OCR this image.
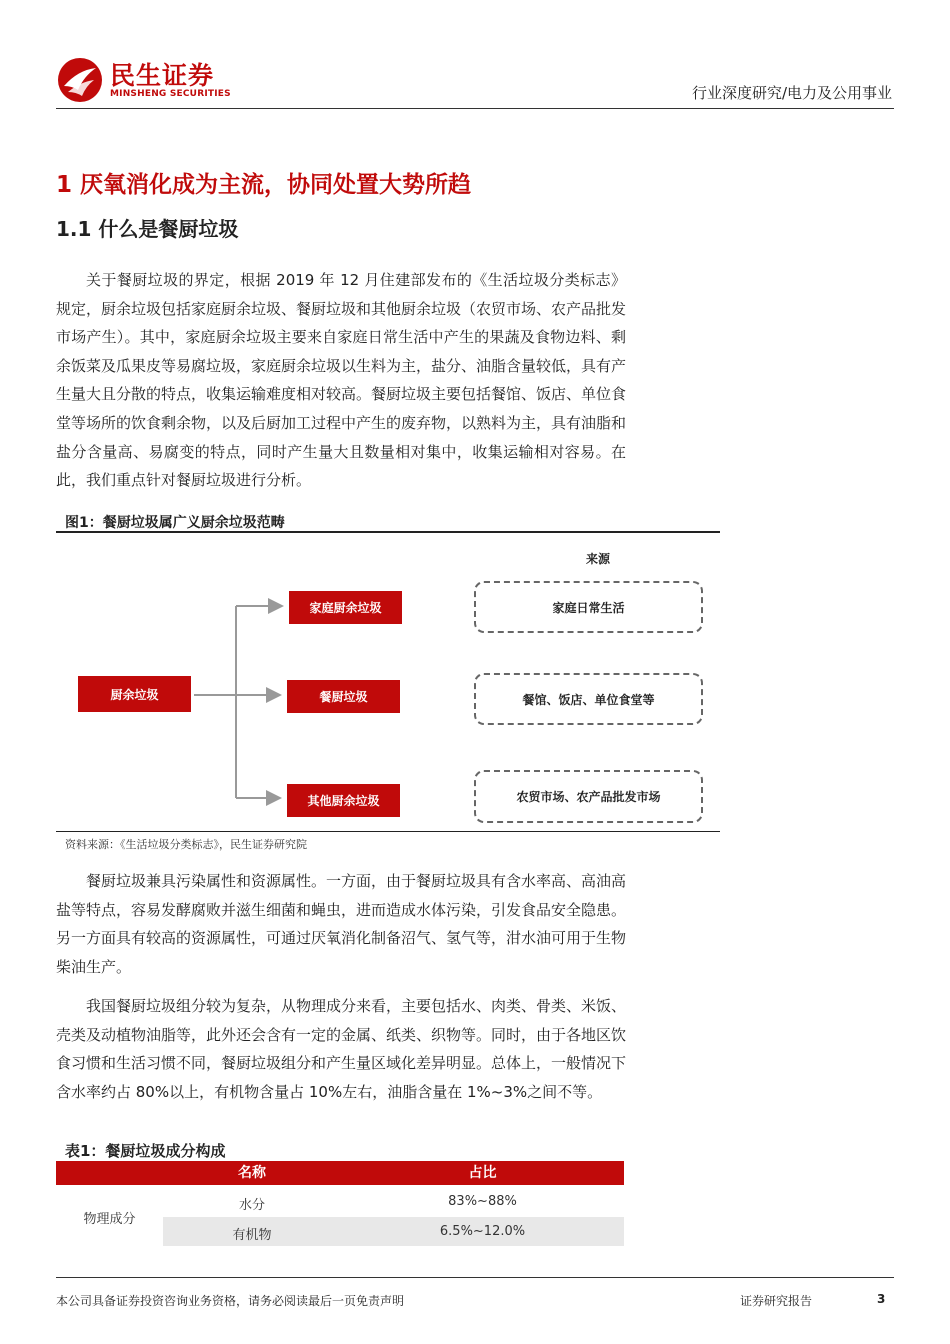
民生证券
MINSHENG SECURITIES	行业深度研究/电力及公用事业
1 厌氧消化成为主流，协同处置大势所趋
1.1 什么是餐厨垃圾
关于餐厨垃圾的界定，根据 2019 年 12 月住建部发布的《生活垃圾分类标志》规定，厨余垃圾包括家庭厨余垃圾、餐厨垃圾和其他厨余垃圾（农贸市场、农产品批发市场产生）。其中，家庭厨余垃圾主要来自家庭日常生活中产生的果蔬及食物边料、剩余饭菜及瓜果皮等易腐垃圾，家庭厨余垃圾以生料为主，盐分、油脂含量较低，具有产生量大且分散的特点，收集运输难度相对较高。餐厨垃圾主要包括餐馆、饭店、单位食堂等场所的饮食剩余物，以及后厨加工过程中产生的废弃物，以熟料为主，具有油脂和盐分含量高、易腐变的特点，同时产生量大且数量相对集中，收集运输相对容易。在此，我们重点针对餐厨垃圾进行分析。
图1：餐厨垃圾属广义厨余垃圾范畴
厨余垃圾
家庭厨余垃圾
餐厨垃圾
其他厨余垃圾
来源
家庭日常生活
餐馆、饭店、单位食堂等
农贸市场、农产品批发市场
资料来源：《生活垃圾分类标志》，民生证券研究院
餐厨垃圾兼具污染属性和资源属性。一方面，由于餐厨垃圾具有含水率高、高油高盐等特点，容易发酵腐败并滋生细菌和蝇虫，进而造成水体污染，引发食品安全隐患。另一方面具有较高的资源属性，可通过厌氧消化制备沼气、氢气等，泔水油可用于生物柴油生产。
我国餐厨垃圾组分较为复杂，从物理成分来看，主要包括水、肉类、骨类、米饭、壳类及动植物油脂等，此外还会含有一定的金属、纸类、织物等。同时，由于各地区饮食习惯和生活习惯不同，餐厨垃圾组分和产生量区域化差异明显。总体上，一般情况下含水率约占 80%以上，有机物含量占 10%左右，油脂含量在 1%~3%之间不等。
表1：餐厨垃圾成分构成
名称	占比
物理成分
水分	83%~88%
有机物	6.5%~12.0%
本公司具备证券投资咨询业务资格，请务必阅读最后一页免责声明	证券研究报告	3
